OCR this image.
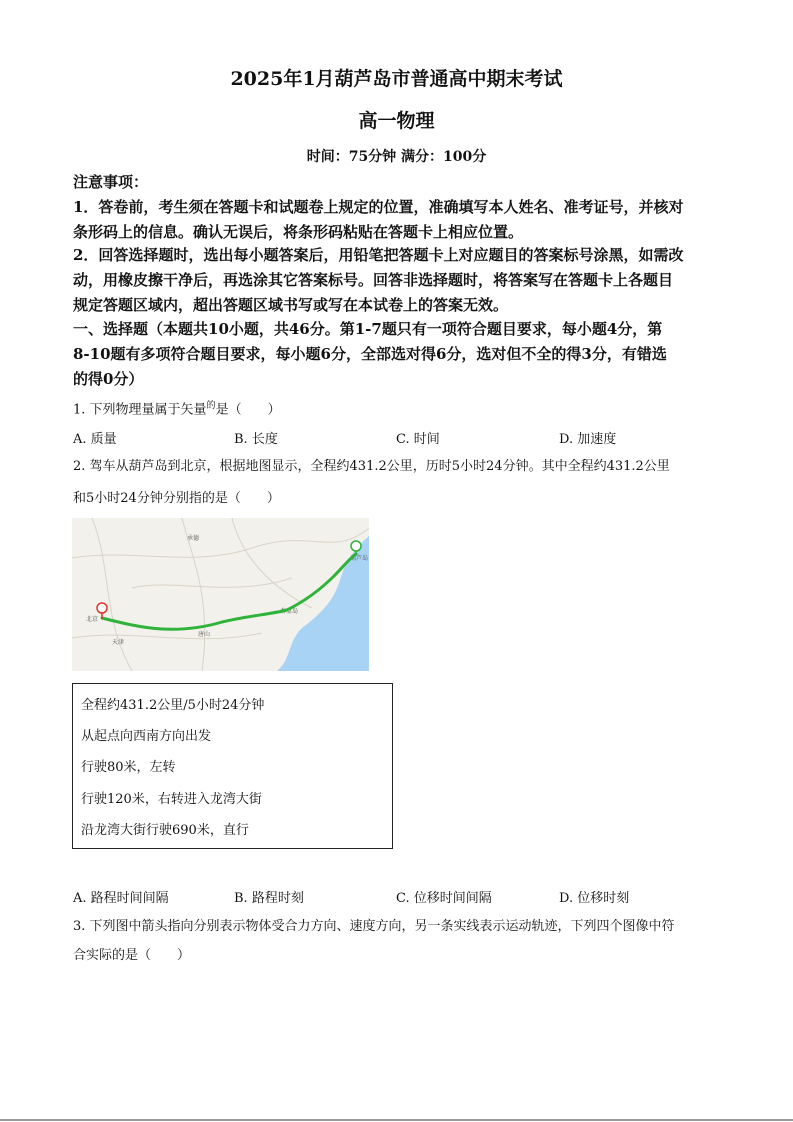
2025年1月葫芦岛市普通高中期末考试
高一物理
时间：75分钟 满分：100分
注意事项：
1．答卷前，考生须在答题卡和试题卷上规定的位置，准确填写本人姓名、准考证号，并核对
条形码上的信息。确认无误后，将条形码粘贴在答题卡上相应位置。
2．回答选择题时，选出每小题答案后，用铅笔把答题卡上对应题目的答案标号涂黑，如需改
动，用橡皮擦干净后，再选涂其它答案标号。回答非选择题时，将答案写在答题卡上各题目
规定答题区域内，超出答题区域书写或写在本试卷上的答案无效。
一、选择题（本题共10小题，共46分。第1-7题只有一项符合题目要求，每小题4分，第
8-10题有多项符合题目要求，每小题6分，全部选对得6分，选对但不全的得3分，有错选
的得0分）
1. 下列物理量属于矢量$^的$是（　　）
A. 质量	B. 长度	C. 时间	D. 加速度
2. 驾车从葫芦岛到北京，根据地图显示，全程约431.2公里，历时5小时24分钟。其中全程约431.2公里
和5小时24分钟分别指的是（　　）
承德
北京
天津
唐山
秦皇岛
葫芦岛
全程约431.2公里/5小时24分钟
从起点向西南方向出发
行驶80米，左转
行驶120米，右转进入龙湾大街
沿龙湾大街行驶690米，直行
A. 路程时间间隔	B. 路程时刻	C. 位移时间间隔	D. 位移时刻
3. 下列图中箭头指向分别表示物体受合力方向、速度方向，另一条实线表示运动轨迹，下列四个图像中符
合实际的是（　　）
